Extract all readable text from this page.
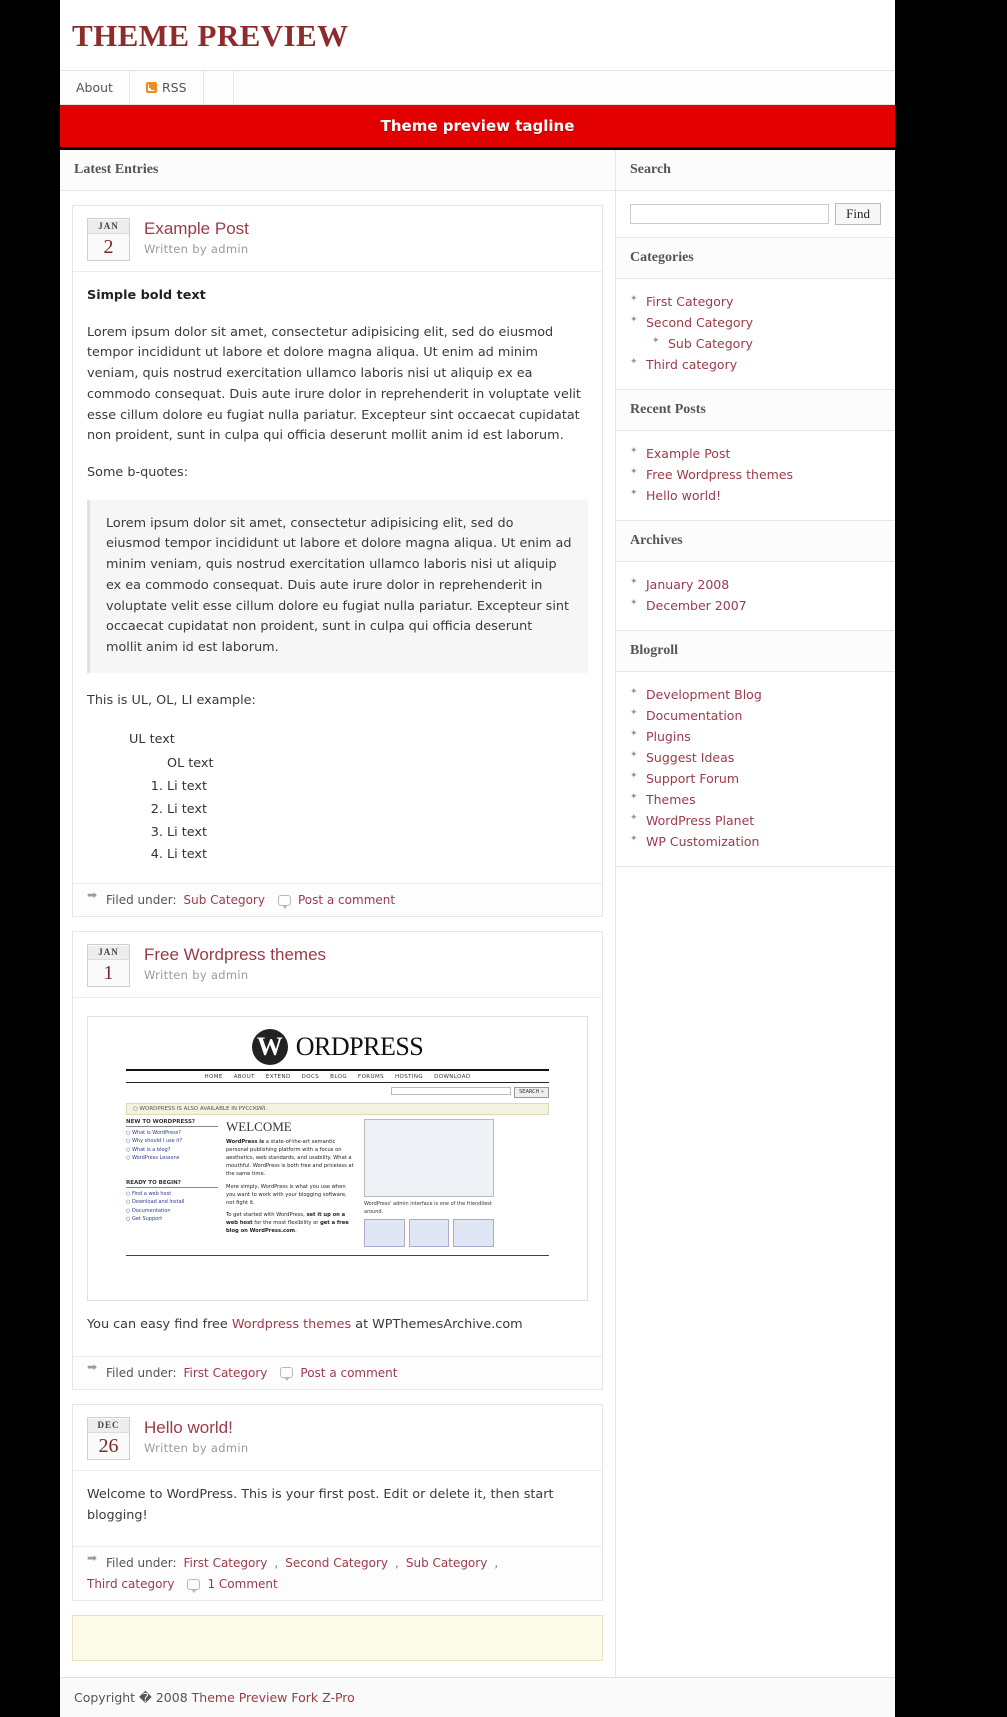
THEME PREVIEW
About	RSS
Theme preview tagline
Latest Entries
JAN
2
Example Post
Written by admin

Simple bold text

Lorem ipsum dolor sit amet, consectetur adipisicing elit, sed do eiusmod tempor incididunt ut labore et dolore magna aliqua. Ut enim ad minim veniam, quis nostrud exercitation ullamco laboris nisi ut aliquip ex ea commodo consequat. Duis aute irure dolor in reprehenderit in voluptate velit esse cillum dolore eu fugiat nulla pariatur. Excepteur sint occaecat cupidatat non proident, sunt in culpa qui officia deserunt mollit anim id est laborum.

Some b-quotes:

Lorem ipsum dolor sit amet, consectetur adipisicing elit, sed do eiusmod tempor incididunt ut labore et dolore magna aliqua. Ut enim ad minim veniam, quis nostrud exercitation ullamco laboris nisi ut aliquip ex ea commodo consequat. Duis aute irure dolor in reprehenderit in voluptate velit esse cillum dolore eu fugiat nulla pariatur. Excepteur sint occaecat cupidatat non proident, sunt in culpa qui officia deserunt mollit anim id est laborum.

This is UL, OL, LI example:

UL text
OL text
1. Li text
2. Li text
3. Li text
4. Li text
➡
Filed under: Sub Category	Post a comment
JAN
1
Free Wordpress themes
Written by admin
W ORDPRESS
HOME ABOUT EXTEND DOCS BLOG FORUMS HOSTING DOWNLOAD
SEARCH »
○ WORDPRESS IS ALSO AVAILABLE IN РУССКИЙ.
NEW TO WORDPRESS?
○ What is WordPress?
○ Why should I use it?
○ What is a blog?
○ WordPress Lessons
READY TO BEGIN?
○ Find a web host
○ Download and Install
○ Documentation
○ Get Support
WELCOME
WordPress is a state-of-the-art semantic personal publishing platform with a focus on aesthetics, web standards, and usability. What a mouthful. WordPress is both free and priceless at the same time.
More simply, WordPress is what you use when you want to work with your blogging software, not fight it.
To get started with WordPress, set it up on a web host for the most flexibility or get a free blog on WordPress.com.
WordPress' admin interface is one of the friendliest around.

You can easy find free Wordpress themes at WPThemesArchive.com

➡
Filed under: First Category	Post a comment
DEC
26
Hello world!
Written by admin

Welcome to WordPress. This is your first post. Edit or delete it, then start blogging!

➡
Filed under: First Category , Second Category , Sub Category ,
Third category	1 Comment
Search
Find
Categories
✦ First Category
✦ Second Category
✦ Sub Category
✦ Third category
Recent Posts
✦ Example Post
✦ Free Wordpress themes
✦ Hello world!
Archives
✦ January 2008
✦ December 2007
Blogroll
✦ Development Blog
✦ Documentation
✦ Plugins
✦ Suggest Ideas
✦ Support Forum
✦ Themes
✦ WordPress Planet
✦ WP Customization
Copyright � 2008 Theme Preview Fork Z-Pro
